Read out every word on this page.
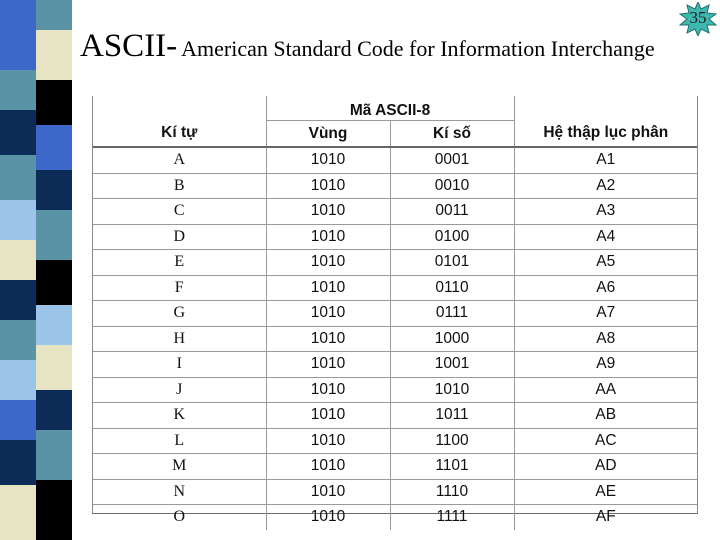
35
ASCII- American Standard Code for Information Interchange
	Mã ASCII-8		
Kí tự	Vùng	Kí số	Hệ thập lục phân
A	1010	0001	A1
B	1010	0010	A2
C	1010	0011	A3
D	1010	0100	A4
E	1010	0101	A5
F	1010	0110	A6
G	1010	0111	A7
H	1010	1000	A8
I	1010	1001	A9
J	1010	1010	AA
K	1010	1011	AB
L	1010	1100	AC
M	1010	1101	AD
N	1010	1110	AE
O	1010	1111	AF
